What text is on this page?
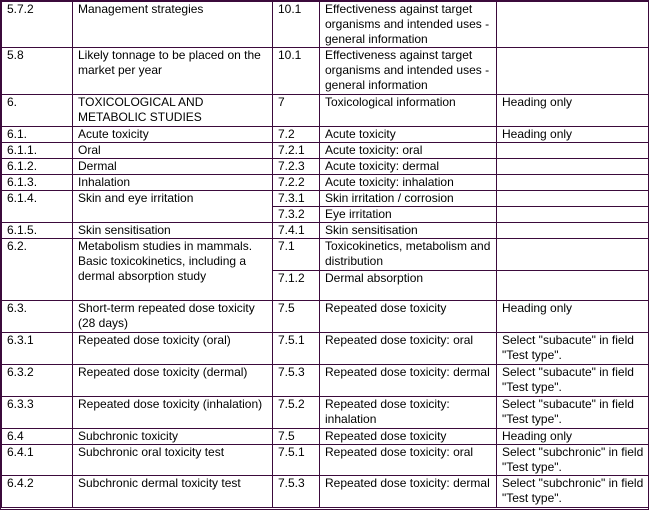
5.7.2	Management strategies	10.1	Effectiveness against target organisms and intended uses - general information	
5.8	Likely tonnage to be placed on the market per year	10.1	Effectiveness against target organisms and intended uses - general information	
6.	TOXICOLOGICAL AND METABOLIC STUDIES	7	Toxicological information	Heading only
6.1.	Acute toxicity	7.2	Acute toxicity	Heading only
6.1.1.	Oral	7.2.1	Acute toxicity: oral	
6.1.2.	Dermal	7.2.3	Acute toxicity: dermal	
6.1.3.	Inhalation	7.2.2	Acute toxicity: inhalation	
6.1.4.	Skin and eye irritation	7.3.1	Skin irritation / corrosion	
		7.3.2	Eye irritation	
6.1.5.	Skin sensitisation	7.4.1	Skin sensitisation	
6.2.	Metabolism studies in mammals. Basic toxicokinetics, including a dermal absorption study	7.1	Toxicokinetics, metabolism and distribution	
		7.1.2	Dermal absorption	
6.3.	Short-term repeated dose toxicity (28 days)	7.5	Repeated dose toxicity	Heading only
6.3.1	Repeated dose toxicity (oral)	7.5.1	Repeated dose toxicity: oral	Select "subacute" in field "Test type".
6.3.2	Repeated dose toxicity (dermal)	7.5.3	Repeated dose toxicity: dermal	Select "subacute" in field "Test type".
6.3.3	Repeated dose toxicity (inhalation)	7.5.2	Repeated dose toxicity: inhalation	Select "subacute" in field "Test type".
6.4	Subchronic toxicity	7.5	Repeated dose toxicity	Heading only
6.4.1	Subchronic oral toxicity test	7.5.1	Repeated dose toxicity: oral	Select "subchronic" in field "Test type".
6.4.2	Subchronic dermal toxicity test	7.5.3	Repeated dose toxicity: dermal	Select "subchronic" in field "Test type".
